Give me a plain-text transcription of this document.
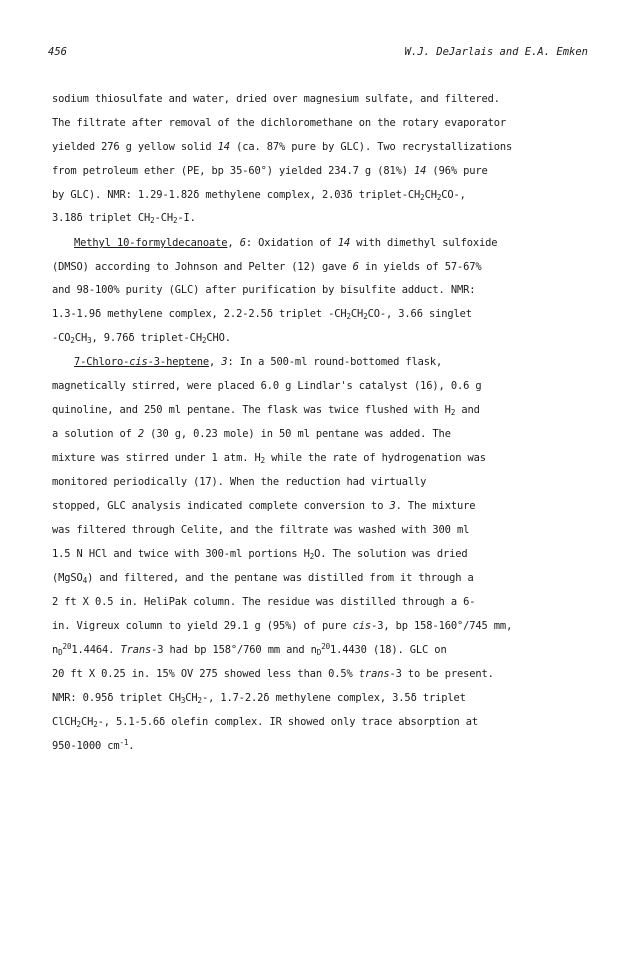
456	W.J. DeJarlais and E.A. Emken
sodium thiosulfate and water, dried over magnesium sulfate, and filtered.
The filtrate after removal of the dichloromethane on the rotary evaporator
yielded 276 g yellow solid 14 (ca. 87% pure by GLC). Two recrystallizations
from petroleum ether (PE, bp 35-60°) yielded 234.7 g (81%) 14 (96% pure
by GLC). NMR: 1.29-1.82δ methylene complex, 2.03δ triplet-$CH_2CH_2CO-$,
3.18δ triplet $CH_2-CH_2-I$.
Methyl 10-formyldecanoate, 6: Oxidation of 14 with dimethyl sulfoxide
(DMSO) according to Johnson and Pelter (12) gave 6 in yields of 57-67%
and 98-100% purity (GLC) after purification by bisulfite adduct. NMR:
1.3-1.9δ methylene complex, 2.2-2.5δ triplet $-CH_2CH_2CO-$, 3.66 singlet
$-CO_2CH_3$, 9.76δ triplet-$CH_2CHO$.
7-Chloro-cis-3-heptene, 3: In a 500-ml round-bottomed flask,
magnetically stirred, were placed 6.0 g Lindlar's catalyst (16), 0.6 g
quinoline, and 250 ml pentane. The flask was twice flushed with $H_2$ and
a solution of 2 (30 g, 0.23 mole) in 50 ml pentane was added. The
mixture was stirred under 1 atm. $H_2$ while the rate of hydrogenation was
monitored periodically (17). When the reduction had virtually
stopped, GLC analysis indicated complete conversion to 3. The mixture
was filtered through Celite, and the filtrate was washed with 300 ml
1.5 N HCl and twice with 300-ml portions $H_2O$. The solution was dried
(MgSO$_4$) and filtered, and the pentane was distilled from it through a
2 ft X 0.5 in. HeliPak column. The residue was distilled through a 6-
in. Vigreux column to yield 29.1 g (95%) of pure cis-3, bp 158-160°/745 mm,
$n_D^{20}1.4464$. Trans-3 had bp 158°/760 mm and $n_D^{20}1.4430$ (18). GLC on
20 ft X 0.25 in. 15% OV 275 showed less than 0.5% trans-3 to be present.
NMR: 0.95δ triplet $CH_3CH_2-$, 1.7-2.2δ methylene complex, 3.5δ triplet
$ClCH_2CH_2-$, 5.1-5.6δ olefin complex. IR showed only trace absorption at
950-1000 $cm^{-1}$.
